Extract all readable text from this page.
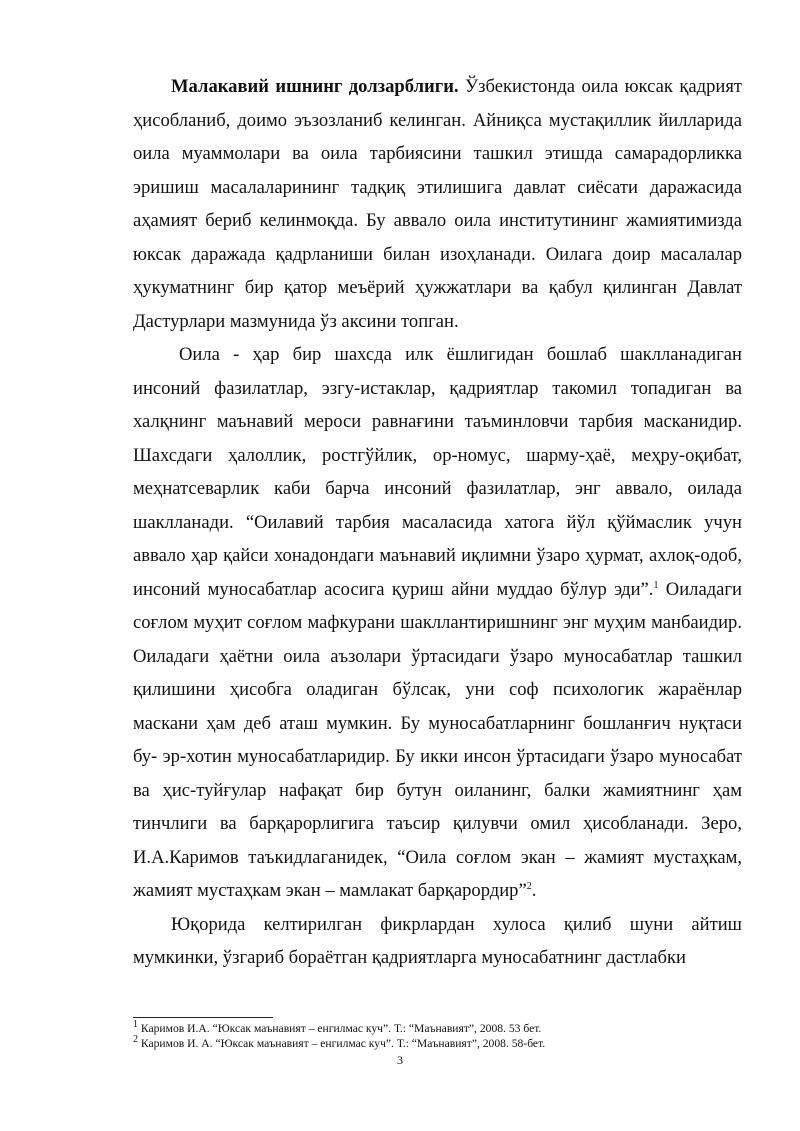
Малакавий ишнинг долзарблиги. Ўзбекистонда оила юксак қадрият ҳисобланиб, доимо эъзозланиб келинган. Айниқса мустақиллик йилларида оила муаммолари ва оила тарбиясини ташкил этишда самарадорликка эришиш масалаларининг тадқиқ этилишига давлат сиёсати даражасида аҳамият бериб келинмоқда. Бу аввало оила институтининг жамиятимизда юксак даражада қадрланиши билан изоҳланади. Оилага доир масалалар ҳукуматнинг бир қатор меъёрий ҳужжатлари ва қабул қилинган Давлат Дастурлари мазмунида ўз аксини топган.

Оила - ҳар бир шахсда илк ёшлигидан бошлаб шаклланадиган инсоний фазилатлар, эзгу-истаклар, қадриятлар такомил топадиган ва халқнинг маънавий мероси равнағини таъминловчи тарбия масканидир. Шахсдаги ҳалоллик, ростгўйлик, ор-номус, шарму-ҳаё, меҳру-оқибат, меҳнатсеварлик каби барча инсоний фазилатлар, энг аввало, оилада шаклланади. “Оилавий тарбия масаласида хатога йўл қўймаслик учун аввало ҳар қайси хонадондаги маънавий иқлимни ўзаро ҳурмат, ахлоқ-одоб, инсоний муносабатлар асосига қуриш айни муддао бўлур эди”.$^1$ Оиладаги соғлом муҳит соғлом мафкурани шакллантиришнинг энг муҳим манбаидир. Оиладаги ҳаётни оила аъзолари ўртасидаги ўзаро муносабатлар ташкил қилишини ҳисобга оладиган бўлсак, уни соф психологик жараёнлар маскани ҳам деб аташ мумкин. Бу муносабатларнинг бошланғич нуқтаси бу- эр-хотин муносабатларидир. Бу икки инсон ўртасидаги ўзаро муносабат ва ҳис-туйғулар нафақат бир бутун оиланинг, балки жамиятнинг ҳам тинчлиги ва барқарорлигига таъсир қилувчи омил ҳисобланади. Зеро, И.А.Каримов таъкидлаганидек, “Оила соғлом экан – жамият мустаҳкам, жамият мустаҳкам экан – мамлакат барқарордир”$^2$.

Юқорида келтирилган фикрлардан хулоса қилиб шуни айтиш мумкинки, ўзгариб бораётган қадриятларга муносабатнинг дастлабки

$^1$ Каримов И.А. “Юксак маънавият – енгилмас куч”. Т.: “Маънавият”, 2008. 53 бет.
$^2$ Каримов И. А. “Юксак маънавият – енгилмас куч”. Т.: “Маънавият”, 2008. 58-бет.
3
